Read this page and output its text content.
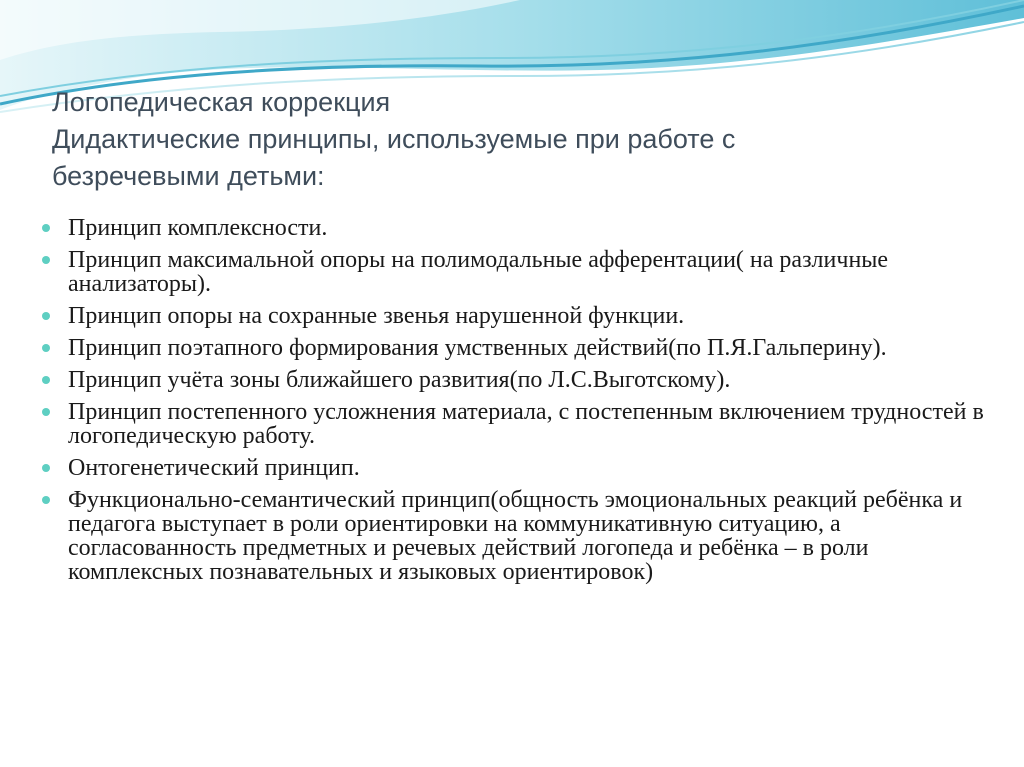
Логопедическая коррекция
Дидактические принципы, используемые при работе с
безречевыми детьми:
Принцип комплексности.
Принцип максимальной опоры на полимодальные афферентации( на различные анализаторы).
Принцип опоры на сохранные звенья нарушенной функции.
Принцип поэтапного формирования умственных действий(по П.Я.Гальперину).
Принцип учёта зоны ближайшего развития(по Л.С.Выготскому).
Принцип постепенного усложнения материала, с постепенным включением трудностей в логопедическую работу.
Онтогенетический принцип.
Функционально-семантический принцип(общность эмоциональных реакций ребёнка и педагога выступает в роли ориентировки на коммуникативную ситуацию, а согласованность предметных и речевых действий логопеда и ребёнка – в роли комплексных познавательных и языковых ориентировок)
